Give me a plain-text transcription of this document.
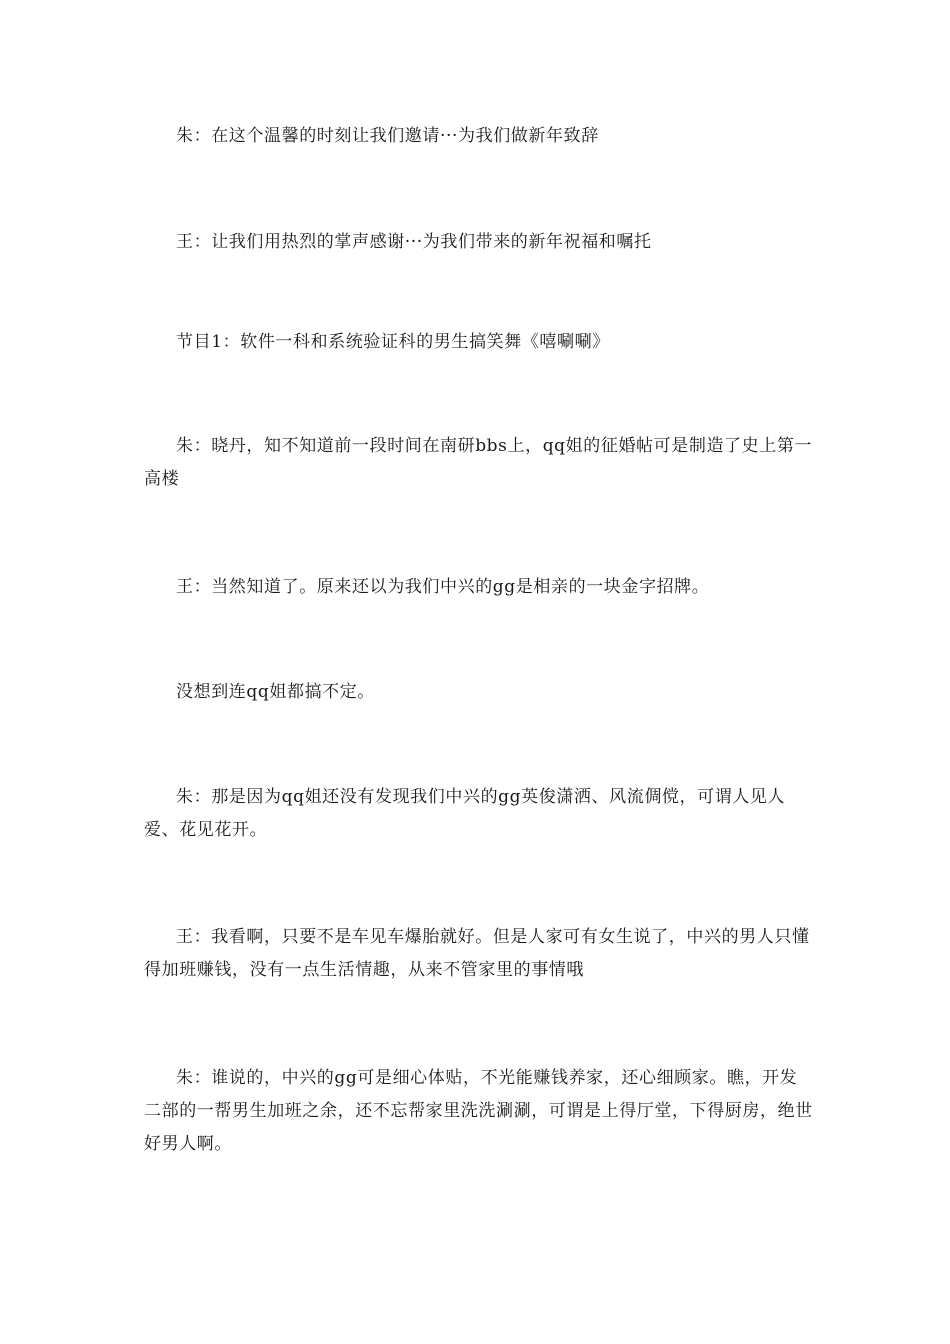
朱：在这个温馨的时刻让我们邀请···为我们做新年致辞

王：让我们用热烈的掌声感谢···为我们带来的新年祝福和嘱托

节目1：软件一科和系统验证科的男生搞笑舞《嘻唰唰》

朱：晓丹，知不知道前一段时间在南研bbs上，qq姐的征婚帖可是制造了史上第一高楼

王：当然知道了。原来还以为我们中兴的gg是相亲的一块金字招牌。

没想到连qq姐都搞不定。

朱：那是因为qq姐还没有发现我们中兴的gg英俊潇洒、风流倜傥，可谓人见人爱、花见花开。

王：我看啊，只要不是车见车爆胎就好。但是人家可有女生说了，中兴的男人只懂得加班赚钱，没有一点生活情趣，从来不管家里的事情哦

朱：谁说的，中兴的gg可是细心体贴，不光能赚钱养家，还心细顾家。瞧，开发二部的一帮男生加班之余，还不忘帮家里洗洗涮涮，可谓是上得厅堂，下得厨房，绝世好男人啊。
